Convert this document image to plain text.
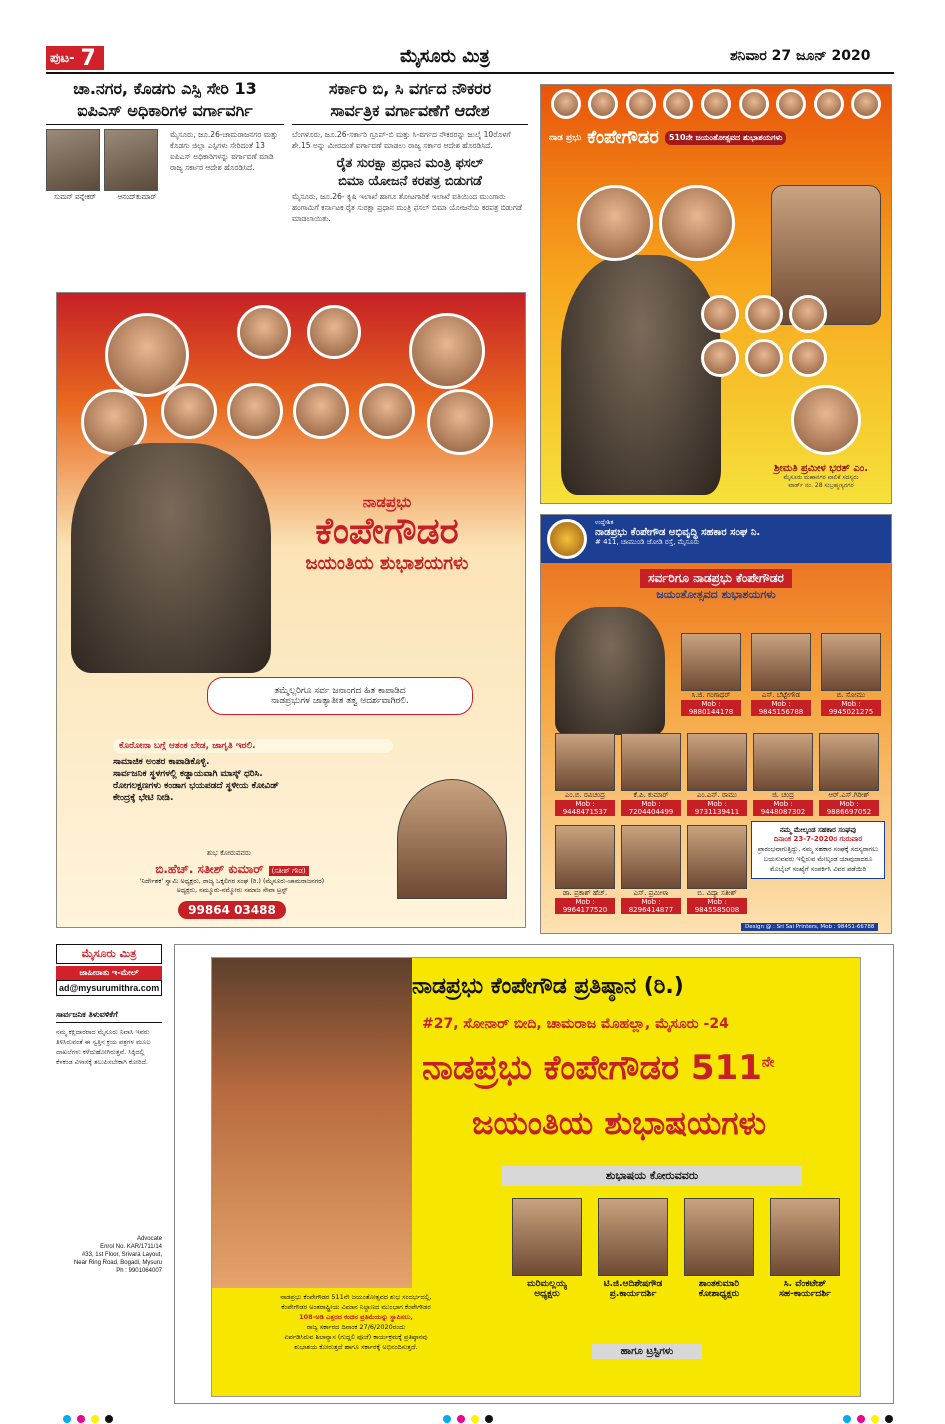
ಪುಟ- 7	ಮೈಸೂರು ಮಿತ್ರ	ಶನಿವಾರ 27 ಜೂನ್ 2020
ಚಾ.ನಗರ, ಕೊಡಗು ಎಸ್ಪಿ ಸೇರಿ 13
ಐಪಿಎಸ್ ಅಧಿಕಾರಿಗಳ ವರ್ಗಾವರ್ಗಿ
ಸುಮನ್ ಪನ್ನೇಕರ್	ಆನಂದ್‌ಕುಮಾರ್

ಮೈಸೂರು, ಜೂ.26-ಚಾಮರಾಜನಗರ ಮತ್ತು ಕೊಡಗು ಜಿಲ್ಲಾ ಎಸ್ಪಿಗಳು ಸೇರಿದಂತೆ 13 ಐಪಿಎಸ್ ಅಧಿಕಾರಿಗಳನ್ನು ವರ್ಗಾವಣೆ ಮಾಡಿ ರಾಜ್ಯ ಸರ್ಕಾರ ಆದೇಶ ಹೊರಡಿಸಿದೆ.

ಸರ್ಕಾರಿ ಬಿ, ಸಿ ವರ್ಗದ ನೌಕರರ
ಸಾರ್ವತ್ರಿಕ ವರ್ಗಾವಣೆಗೆ ಆದೇಶ

ಬೆಂಗಳೂರು, ಜೂ.26-ಸರ್ಕಾರಿ ಗ್ರೂಪ್-ಬಿ ಮತ್ತು ಸಿ-ವರ್ಗದ ನೌಕರರನ್ನು ಜುಲೈ 10ರೊಳಗೆ ಶೇ.15 ಅನ್ನು ಮೀರದಂತೆ ವರ್ಗಾವಣೆ ಮಾಡಲು ರಾಜ್ಯ ಸರ್ಕಾರ ಆದೇಶ ಹೊರಡಿಸಿದೆ.

ರೈತ ಸುರಕ್ಷಾ ಪ್ರಧಾನ ಮಂತ್ರಿ ಫಸಲ್
ಬಿಮಾ ಯೋಜನೆ ಕರಪತ್ರ ಬಿಡುಗಡೆ

ಮೈಸೂರು, ಜೂ.26- ಕೃಷಿ ಇಲಾಖೆ ಹಾಗೂ ತೋಟಗಾರಿಕೆ ಇಲಾಖೆ ವತಿಯಿಂದ ಮುಂಗಾರು ಹಂಗಾಮಿಗೆ ಕರ್ನಾಟಕ ರೈತ ಸುರಕ್ಷಾ ಪ್ರಧಾನ ಮಂತ್ರಿ ಫಸಲ್ ಬಿಮಾ ಯೋಜನೆಯ ಕರಪತ್ರ ಬಿಡುಗಡೆ ಮಾಡಲಾಯಿತು.

ನಾಡ ಪ್ರಭು ಕೆಂಪೇಗೌಡರ	510ನೇ ಜಯಂತೋತ್ಸವದ ಶುಭಾಶಯಗಳು
ಶ್ರೀಮತಿ ಪ್ರಮೀಳ ಭರತ್ ಎಂ.
ಮೈಸೂರು ಮಹಾನಗರ ಪಾಲಿಕೆ ಸದಸ್ಯರು
ವಾರ್ಡ್ ನಂ. 28 ಸುಬ್ರಹ್ಮಣ್ಯನಗರ
ನಾಡಪ್ರಭು
ಕೆಂಪೇಗೌಡರ
ಜಯಂತಿಯ ಶುಭಾಶಯಗಳು
ತಮ್ಮೆಲ್ಲರಿಗೂ ಸರ್ವ ಜನಾಂಗದ ಹಿತ ಕಾಪಾಡಿದ
ನಾಡಪ್ರಭುಗಳ ಜಾತ್ಯಾತೀತ ತತ್ವ ಆದರ್ಶವಾಗಿರಲಿ.
ಕೊರೋನಾ ಬಗ್ಗೆ ಆತಂಕ ಬೇಡ, ಜಾಗೃತಿ ಇರಲಿ.
ಸಾಮಾಜಿಕ ಅಂತರ ಕಾಪಾಡಿಕೊಳ್ಳಿ.
ಸಾರ್ವಜನಿಕ ಸ್ಥಳಗಳಲ್ಲಿ ಕಡ್ಡಾಯವಾಗಿ ಮಾಸ್ಕ್ ಧರಿಸಿ.
ರೋಗಲಕ್ಷಣಗಳು ಕಂಡಾಗ ಭಯಪಡದೆ ಸ್ಥಳೀಯ ಕೋವಿಡ್
ಕೇಂದ್ರಕ್ಕೆ ಭೇಟಿ ನೀಡಿ.
ಶುಭ ಕೋರುವವರು
ಬಿ.ಹೆಚ್. ಸತೀಶ್ ಕುಮಾರ್ (ಸತೀಶ್ ಗೌಡ)
'ನಿರ್ದೇಶಕ' ಸ್ವಾಮಿ ಅಧ್ಯಕ್ಷರು, ರಾಜ್ಯ ಒಕ್ಕಲಿಗರ ಸಂಘ (ರಿ.) (ಮೈಸೂರು-ಚಾಮರಾಜನಗರ)
ಅಧ್ಯಕ್ಷರು, ನಮ್ಮೂರು-ನಮ್ಮೋರು ಸಮಾಜ ಸೇವಾ ಟ್ರಸ್ಟ್
99864 03488
ಉದ್ದೇಶಿತ
ನಾಡಪ್ರಭು ಕೆಂಪೇಗೌಡ ಅಭಿವೃದ್ಧಿ ಸಹಕಾರ ಸಂಘ ನಿ.
# 411, ಚಾಮುಂಡಿ ಜೋಡಿ ರಸ್ತೆ, ಮೈಸೂರು
ಸರ್ವರಿಗೂ ನಾಡಪ್ರಭು ಕೆಂಪೇಗೌಡರ
ಜಯಂತೋತ್ಸವದ ಶುಭಾಶಯಗಳು
ಸಿ.ಜಿ. ಗಂಗಾಧರ್
Mob : 9880144178
ಎಸ್. ಬೆಟ್ಟೇಗೌಡ
Mob : 9845156788
ಬಿ. ಸೋಮು
Mob : 9945021275
ಎಂ.ಬಿ. ರವಿಚಂದ್ರ
Mob : 9448471537
ಕೆ.ಪಿ. ಕುಮಾರ್
Mob : 7204404499
ಎಂ.ಎನ್. ರಾಮು
Mob : 9731139411
ಜಿ. ಚಂದ್ರ
Mob : 9448087302
ಆರ್.ಎಸ್.ಗಿರೀಶ್
Mob : 9886697052
ಡಾ. ಪ್ರಕಾಶ್ ಹೆಚ್.
Mob : 9964177520
ಎಸ್. ಪ್ರಮೀಳಾ
Mob : 8296414877
ಬಿ. ವಿದ್ಯಾ ಸತೀಶ್
Mob : 9845585008
ನಮ್ಮ ಮೇಲ್ಕಂಡ ಸಹಕಾರ ಸಂಘವು
ದಿನಾಂಕ 23-7-2020ರ ಗುರುವಾರ
ಪ್ರಾರಂಭವಾಗುತ್ತಿದ್ದು, ನಮ್ಮ ಸಹಕಾರ ಸಂಘಕ್ಕೆ ಸದಸ್ಯರಾಗಲು ಬಯಸುವವರು ಇಲ್ಲಿರುವ ಮೇಲ್ಕಂಡ ಯಾವುದಾದರೂ ಮೊಬೈಲ್ ಸಂಖ್ಯೆಗೆ ಸಂಪರ್ಕಿಸಿ ವಿವರ ಪಡೆಯಿರಿ
Design @ : Sri Sai Printers, Mob : 98451-66788
ಮೈಸೂರು ಮಿತ್ರ
ಜಾಹೀರಾತು ಇ-ಮೇಲ್
ad@mysurumithra.com
ಸಾರ್ವಜನಿಕ ತಿಳುವಳಿಕೆಗೆ
ನಮ್ಮ ಕಕ್ಷಿದಾರರಾದ ಮೈಸೂರು ನಿವಾಸಿ ಇವರು ತಿಳಿಸಿರುವಂತೆ ಈ ಸ್ವತ್ತಿನ ಕ್ರಯ ಪತ್ರಗಳ ಮೂಲ ದಾಖಲೆಗಳು ಕಳೆದುಹೋಗಿರುತ್ತವೆ. ಸಿಕ್ಕಿದಲ್ಲಿ ಕೆಳಕಂಡ ವಿಳಾಸಕ್ಕೆ ತಲುಪಿಸಬೇಕಾಗಿ ಕೋರಿದೆ.
Advocate
Enrol No. KAR/1711/14
#33, 1st Floor, Srivara Layout,
Near Ring Road, Bogadi, Mysuru
Ph : 9901064007
ನಾಡಪ್ರಭು ಕೆಂಪೇಗೌಡ ಪ್ರತಿಷ್ಠಾನ (ರಿ.)
#27, ಸೋನಾರ್ ಬೀದಿ, ಚಾಮರಾಜ ಮೊಹಲ್ಲಾ, ಮೈಸೂರು -24
ನಾಡಪ್ರಭು ಕೆಂಪೇಗೌಡರ $511^{ನೇ}$
ಜಯಂತಿಯ ಶುಭಾಷಯಗಳು
ಶುಭಾಷಯ ಕೋರುವವರು
ಮರಿಮಲ್ಲಯ್ಯ
ಅಧ್ಯಕ್ಷರು
ಟಿ.ಜಿ.ಆದಿಶೇಷಗೌಡ
ಪ್ರ.ಕಾರ್ಯದರ್ಶಿ
ಶಾಂತಕುಮಾರಿ
ಕೋಶಾಧ್ಯಕ್ಷರು
ಸಿ. ವೆಂಕಟೇಶ್
ಸಹ-ಕಾರ್ಯದರ್ಶಿ
ಹಾಗೂ ಟ್ರಸ್ಟಿಗಳು
ನಾಡಪ್ರಭು ಕೆಂಪೇಗೌಡರ 511ನೇ ಜಯಂತೋತ್ಸವದ ಶುಭ ಸಂದರ್ಭದಲ್ಲಿ,
ಕೆಂಪೇಗೌಡರ ಅಂತರಾಷ್ಟ್ರೀಯ ವಿಮಾನ ನಿಲ್ದಾಣದ ಮುಂಭಾಗ ಕೆಂಪೇಗೌಡರ
108-ಅಡಿ ಎತ್ತರದ ಕಂಚಿನ ಪ್ರತಿಮೆಯನ್ನು ಸ್ಥಾಪಿಸಲು,
ರಾಜ್ಯ ಸರ್ಕಾರದ ದಿನಾಂಕ 27/6/2020ರಂದು
ಏರ್ಪಡಿಸಿರುವ ಶಿಲಾನ್ಯಾಸ (ಗುದ್ದಲಿ ಪೂಜೆ) ಕಾರ್ಯಕ್ರಮಕ್ಕೆ ಪ್ರತಿಷ್ಠಾನವು
ಶುಭಾಶಯ ಕೋರುತ್ತದೆ ಹಾಗೂ ಸರ್ಕಾರಕ್ಕೆ ಅಭಿನಂದಿಸುತ್ತದೆ.
